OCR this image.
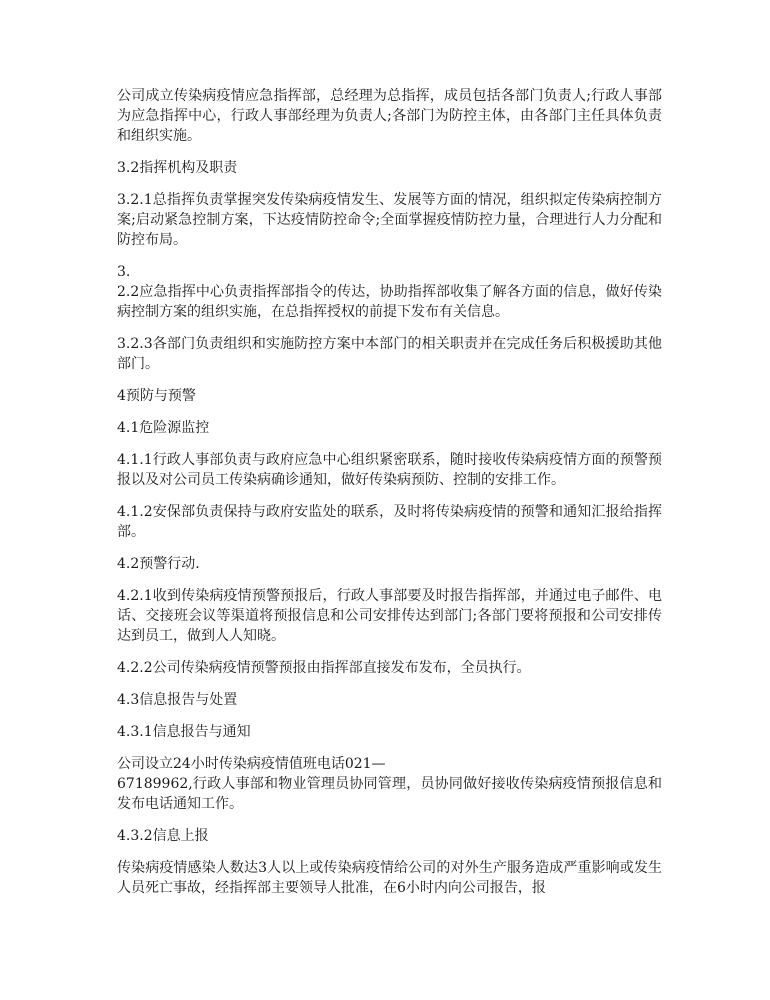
公司成立传染病疫情应急指挥部，总经理为总指挥，成员包括各部门负责人;行政人事部为应急指挥中心，行政人事部经理为负责人;各部门为防控主体，由各部门主任具体负责和组织实施。

3.2指挥机构及职责

3.2.1总指挥负责掌握突发传染病疫情发生、发展等方面的情况，组织拟定传染病控制方案;启动紧急控制方案，下达疫情防控命令;全面掌握疫情防控力量，合理进行人力分配和防控布局。

3.
2.2应急指挥中心负责指挥部指令的传达，协助指挥部收集了解各方面的信息，做好传染病控制方案的组织实施，在总指挥授权的前提下发布有关信息。

3.2.3各部门负责组织和实施防控方案中本部门的相关职责并在完成任务后积极援助其他部门。

4预防与预警

4.1危险源监控

4.1.1行政人事部负责与政府应急中心组织紧密联系，随时接收传染病疫情方面的预警预报以及对公司员工传染病确诊通知，做好传染病预防、控制的安排工作。

4.1.2安保部负责保持与政府安监处的联系，及时将传染病疫情的预警和通知汇报给指挥部。

4.2预警行动.

4.2.1收到传染病疫情预警预报后，行政人事部要及时报告指挥部，并通过电子邮件、电话、交接班会议等渠道将预报信息和公司安排传达到部门;各部门要将预报和公司安排传达到员工，做到人人知晓。

4.2.2公司传染病疫情预警预报由指挥部直接发布发布，全员执行。

4.3信息报告与处置

4.3.1信息报告与通知

公司设立24小时传染病疫情值班电话021—
67189962,行政人事部和物业管理员协同管理，员协同做好接收传染病疫情预报信息和发布电话通知工作。

4.3.2信息上报

传染病疫情感染人数达3人以上或传染病疫情给公司的对外生产服务造成严重影响或发生人员死亡事故，经指挥部主要领导人批准，在6小时内向公司报告，报
